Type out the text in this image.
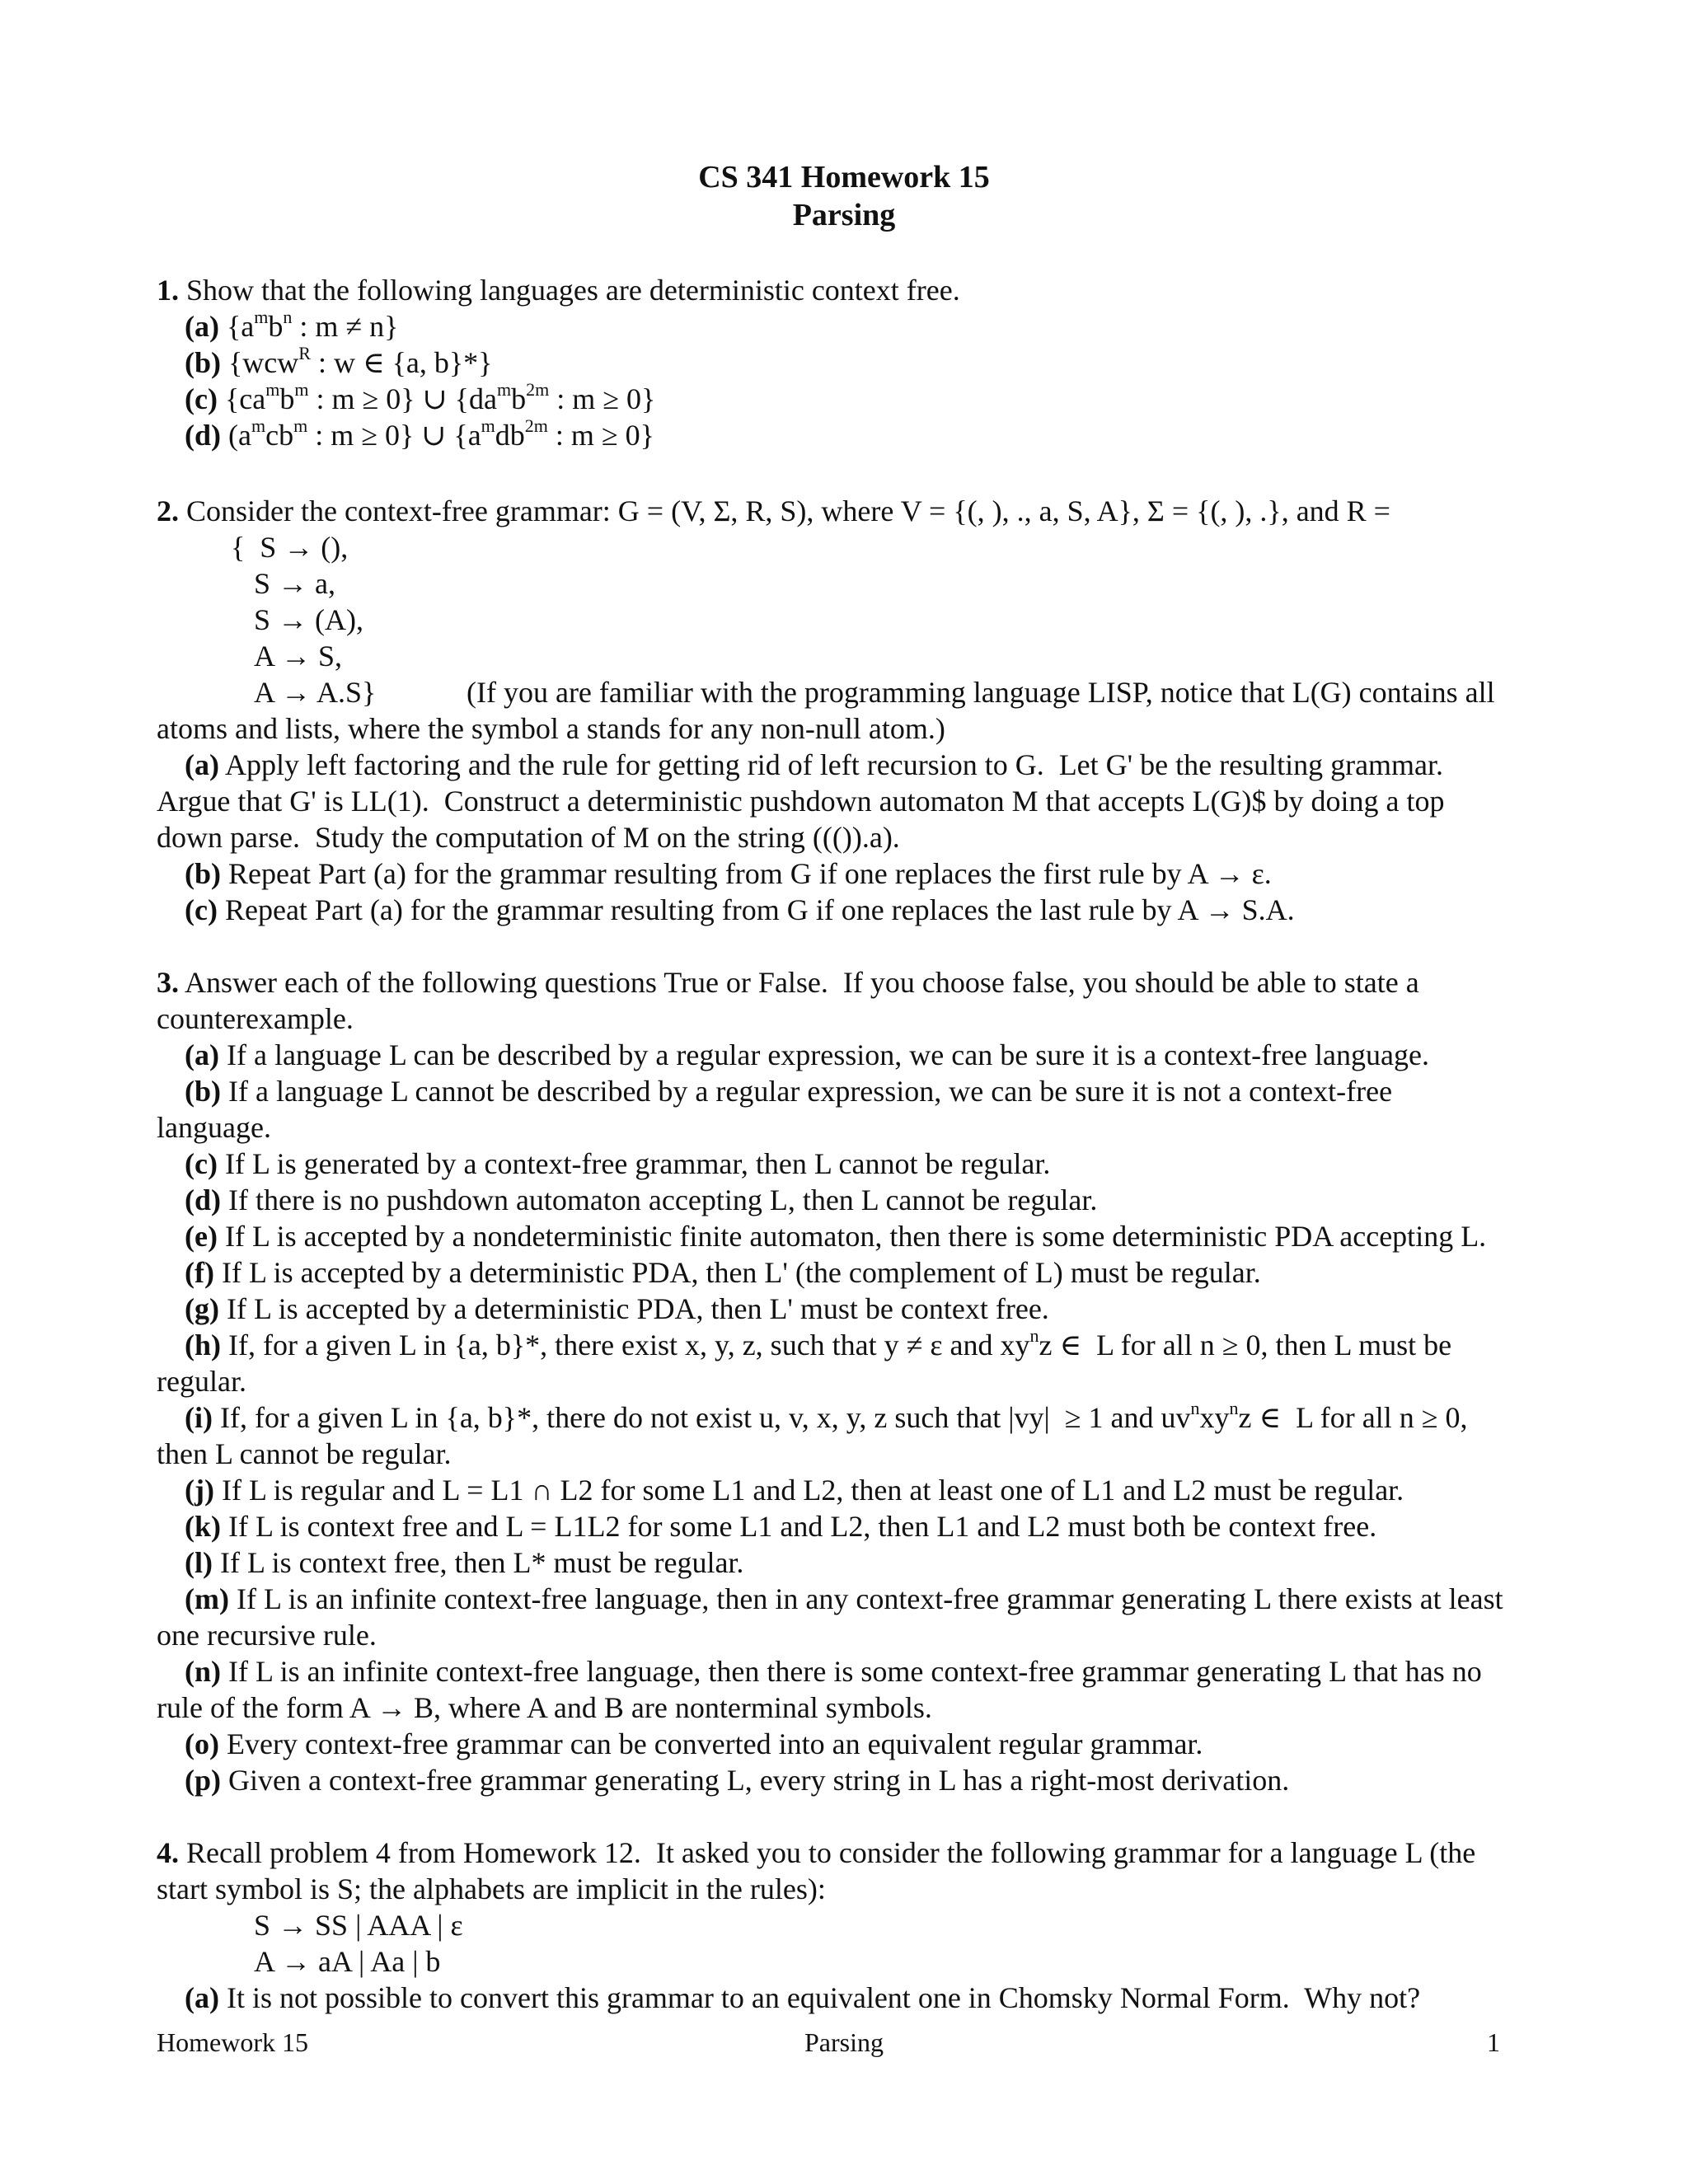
CS 341 Homework 15
Parsing
1. Show that the following languages are deterministic context free.
(a) {$a^mb^n$ : m ≠ n}
(b) {wcw$^R$ : w ∈ {a, b}*}
(c) {$ca^mb^m$ : m ≥ 0} ∪ {$da^mb^{2m}$ : m ≥ 0}
(d) ($a^mcb^m$ : m ≥ 0} ∪ {$a^mdb^{2m}$ : m ≥ 0}
2. Consider the context-free grammar: G = (V, Σ, R, S), where V = {(, ), ., a, S, A}, Σ = {(, ), .}, and R =
{  S → (),
S → a,
S → (A),
A → S,
A → A.S}	(If you are familiar with the programming language LISP, notice that L(G) contains all
atoms and lists, where the symbol a stands for any non-null atom.)
(a) Apply left factoring and the rule for getting rid of left recursion to G.  Let G' be the resulting grammar.
Argue that G' is LL(1).  Construct a deterministic pushdown automaton M that accepts L(G)$ by doing a top
down parse.  Study the computation of M on the string ((()).a).
(b) Repeat Part (a) for the grammar resulting from G if one replaces the first rule by A → ε.
(c) Repeat Part (a) for the grammar resulting from G if one replaces the last rule by A → S.A.
3. Answer each of the following questions True or False.  If you choose false, you should be able to state a
counterexample.
(a) If a language L can be described by a regular expression, we can be sure it is a context-free language.
(b) If a language L cannot be described by a regular expression, we can be sure it is not a context-free
language.
(c) If L is generated by a context-free grammar, then L cannot be regular.
(d) If there is no pushdown automaton accepting L, then L cannot be regular.
(e) If L is accepted by a nondeterministic finite automaton, then there is some deterministic PDA accepting L.
(f) If L is accepted by a deterministic PDA, then L' (the complement of L) must be regular.
(g) If L is accepted by a deterministic PDA, then L' must be context free.
(h) If, for a given L in {a, b}*, there exist x, y, z, such that y ≠ ε and $xy^nz$ ∈  L for all n ≥ 0, then L must be
regular.
(i) If, for a given L in {a, b}*, there do not exist u, v, x, y, z such that |vy|  ≥ 1 and $uv^nxy^nz$ ∈  L for all n ≥ 0,
then L cannot be regular.
(j) If L is regular and L = L1 ∩ L2 for some L1 and L2, then at least one of L1 and L2 must be regular.
(k) If L is context free and L = L1L2 for some L1 and L2, then L1 and L2 must both be context free.
(l) If L is context free, then L* must be regular.
(m) If L is an infinite context-free language, then in any context-free grammar generating L there exists at least
one recursive rule.
(n) If L is an infinite context-free language, then there is some context-free grammar generating L that has no
rule of the form A → B, where A and B are nonterminal symbols.
(o) Every context-free grammar can be converted into an equivalent regular grammar.
(p) Given a context-free grammar generating L, every string in L has a right-most derivation.
4. Recall problem 4 from Homework 12.  It asked you to consider the following grammar for a language L (the
start symbol is S; the alphabets are implicit in the rules):
S → SS | AAA | ε
A → aA | Aa | b
(a) It is not possible to convert this grammar to an equivalent one in Chomsky Normal Form.  Why not?
Homework 15	Parsing	1
